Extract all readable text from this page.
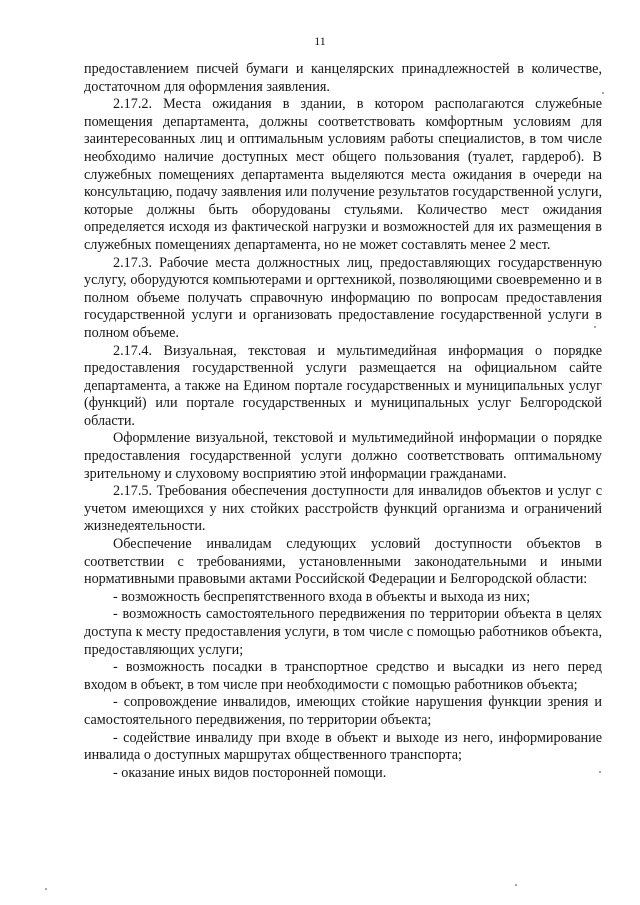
11

предоставлением писчей бумаги и канцелярских принадлежностей в количестве, достаточном для оформления заявления.

2.17.2. Места ожидания в здании, в котором располагаются служебные помещения департамента, должны соответствовать комфортным условиям для заинтересованных лиц и оптимальным условиям работы специалистов, в том числе необходимо наличие доступных мест общего пользования (туалет, гардероб). В служебных помещениях департамента выделяются места ожидания в очереди на консультацию, подачу заявления или получение результатов государственной услуги, которые должны быть оборудованы стульями. Количество мест ожидания определяется исходя из фактической нагрузки и возможностей для их размещения в служебных помещениях департамента, но не может составлять менее 2 мест.

2.17.3. Рабочие места должностных лиц, предоставляющих государственную услугу, оборудуются компьютерами и оргтехникой, позволяющими своевременно и в полном объеме получать справочную информацию по вопросам предоставления государственной услуги и организовать предоставление государственной услуги в полном объеме.

2.17.4. Визуальная, текстовая и мультимедийная информация о порядке предоставления государственной услуги размещается на официальном сайте департамента, а также на Едином портале государственных и муниципальных услуг (функций) или портале государственных и муниципальных услуг Белгородской области.

Оформление визуальной, текстовой и мультимедийной информации о порядке предоставления государственной услуги должно соответствовать оптимальному зрительному и слуховому восприятию этой информации гражданами.

2.17.5. Требования обеспечения доступности для инвалидов объектов и услуг с учетом имеющихся у них стойких расстройств функций организма и ограничений жизнедеятельности.

Обеспечение инвалидам следующих условий доступности объектов в соответствии с требованиями, установленными законодательными и иными нормативными правовыми актами Российской Федерации и Белгородской области:

- возможность беспрепятственного входа в объекты и выхода из них;

- возможность самостоятельного передвижения по территории объекта в целях доступа к месту предоставления услуги, в том числе с помощью работников объекта, предоставляющих услуги;

- возможность посадки в транспортное средство и высадки из него перед входом в объект, в том числе при необходимости с помощью работников объекта;

- сопровождение инвалидов, имеющих стойкие нарушения функции зрения и самостоятельного передвижения, по территории объекта;

- содействие инвалиду при входе в объект и выходе из него, информирование инвалида о доступных маршрутах общественного транспорта;

- оказание иных видов посторонней помощи.
